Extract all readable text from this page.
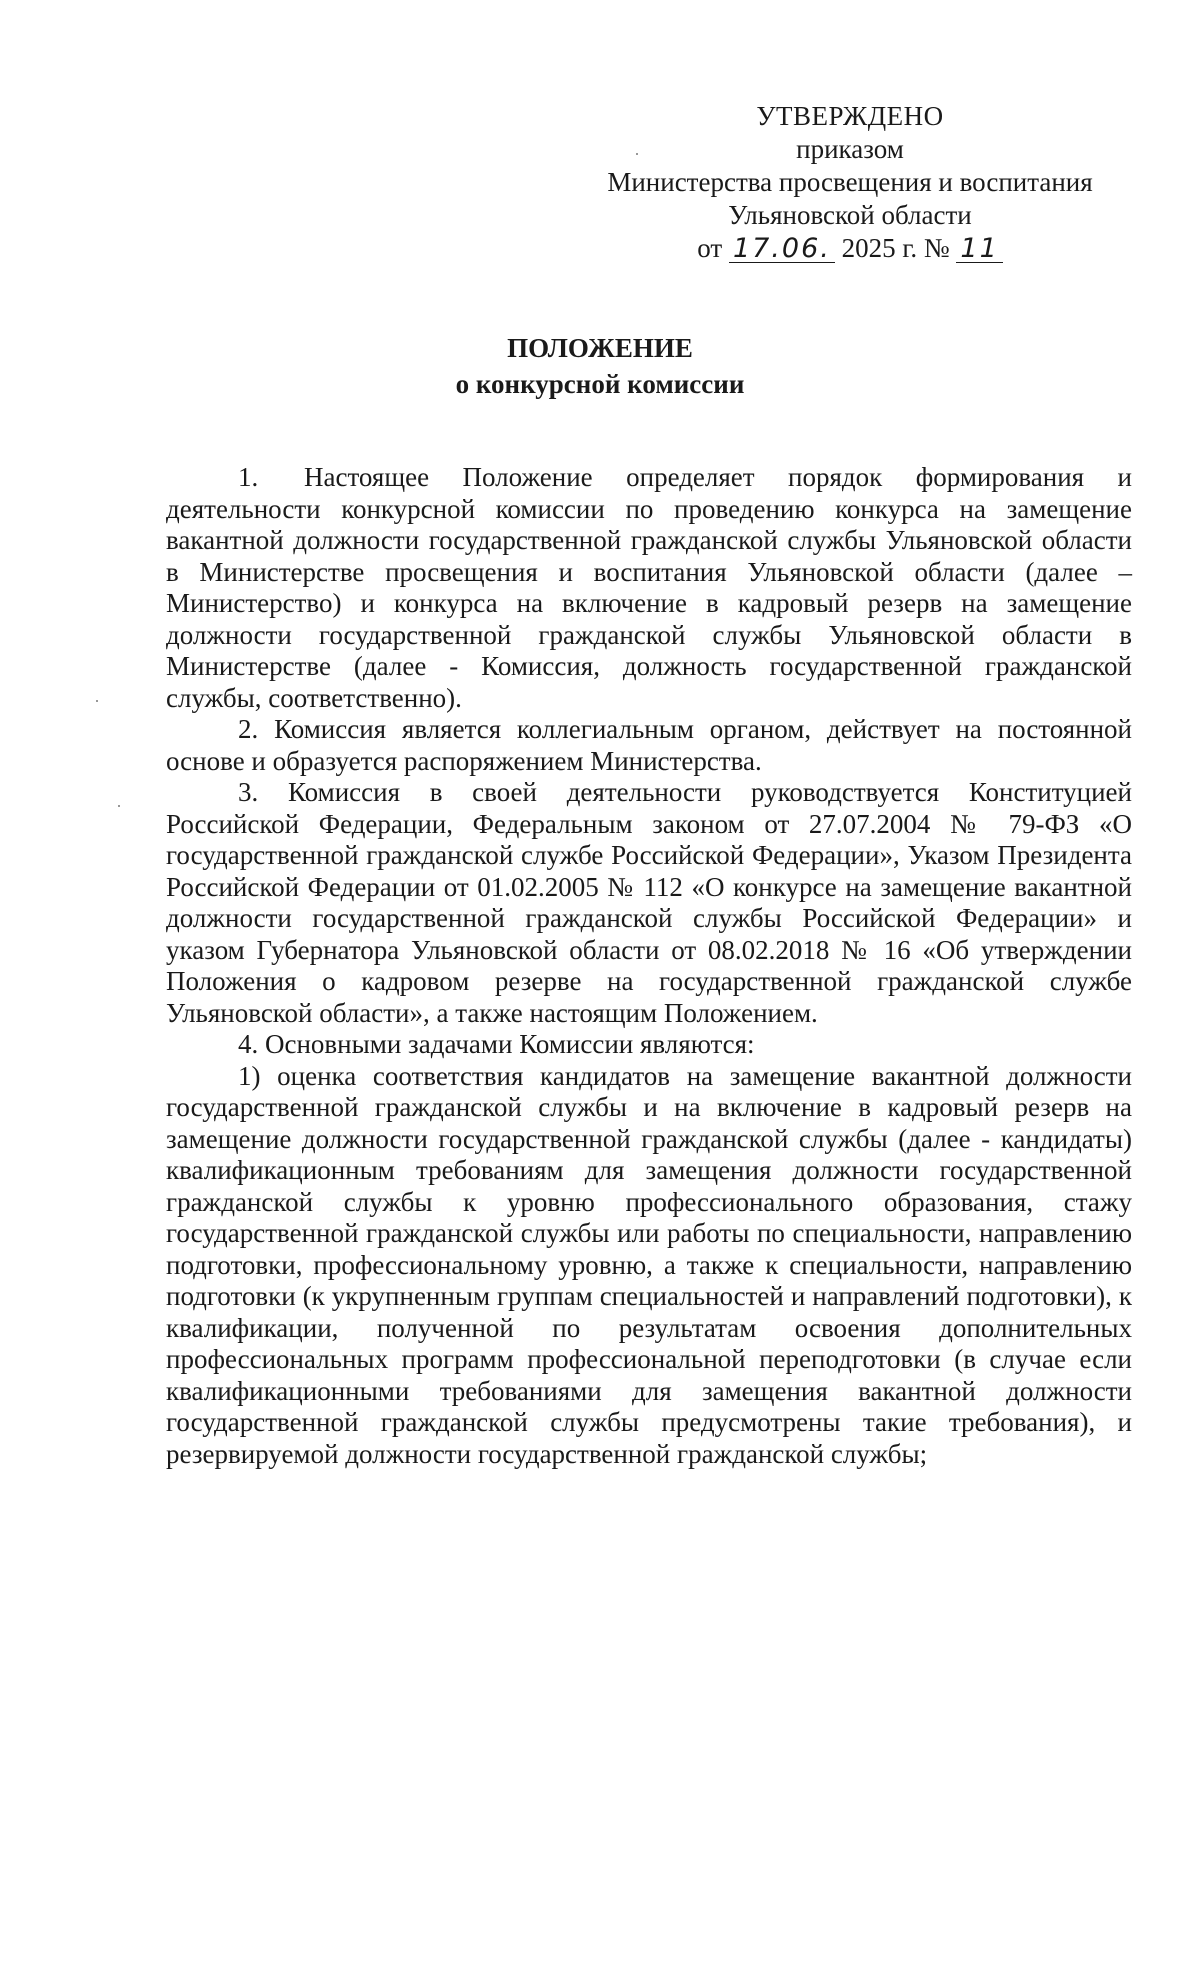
УТВЕРЖДЕНО
приказом
Министерства просвещения и воспитания
Ульяновской области
от 17.06. 2025 г. № 11
ПОЛОЖЕНИЕ
о конкурсной комиссии

1. Настоящее Положение определяет порядок формирования и деятельности конкурсной комиссии по проведению конкурса на замещение вакантной должности государственной гражданской службы Ульяновской области в Министерстве просвещения и воспитания Ульяновской области (далее – Министерство) и конкурса на включение в кадровый резерв на замещение должности государственной гражданской службы Ульяновской области в Министерстве (далее - Комиссия, должность государственной гражданской службы, соответственно).

2. Комиссия является коллегиальным органом, действует на постоянной основе и образуется распоряжением Министерства.

3. Комиссия в своей деятельности руководствуется Конституцией Российской Федерации, Федеральным законом от 27.07.2004 № 79-ФЗ «О государственной гражданской службе Российской Федерации», Указом Президента Российской Федерации от 01.02.2005 № 112 «О конкурсе на замещение вакантной должности государственной гражданской службы Российской Федерации» и указом Губернатора Ульяновской области от 08.02.2018 № 16 «Об утверждении Положения о кадровом резерве на государственной гражданской службе Ульяновской области», а также настоящим Положением.

4. Основными задачами Комиссии являются:

1) оценка соответствия кандидатов на замещение вакантной должности государственной гражданской службы и на включение в кадровый резерв на замещение должности государственной гражданской службы (далее - кандидаты) квалификационным требованиям для замещения должности государственной гражданской службы к уровню профессионального образования, стажу государственной гражданской службы или работы по специальности, направлению подготовки, профессиональному уровню, а также к специальности, направлению подготовки (к укрупненным группам специальностей и направлений подготовки), к квалификации, полученной по результатам освоения дополнительных профессиональных программ профессиональной переподготовки (в случае если квалификационными требованиями для замещения вакантной должности государственной гражданской службы предусмотрены такие требования), и резервируемой должности государственной гражданской службы;
